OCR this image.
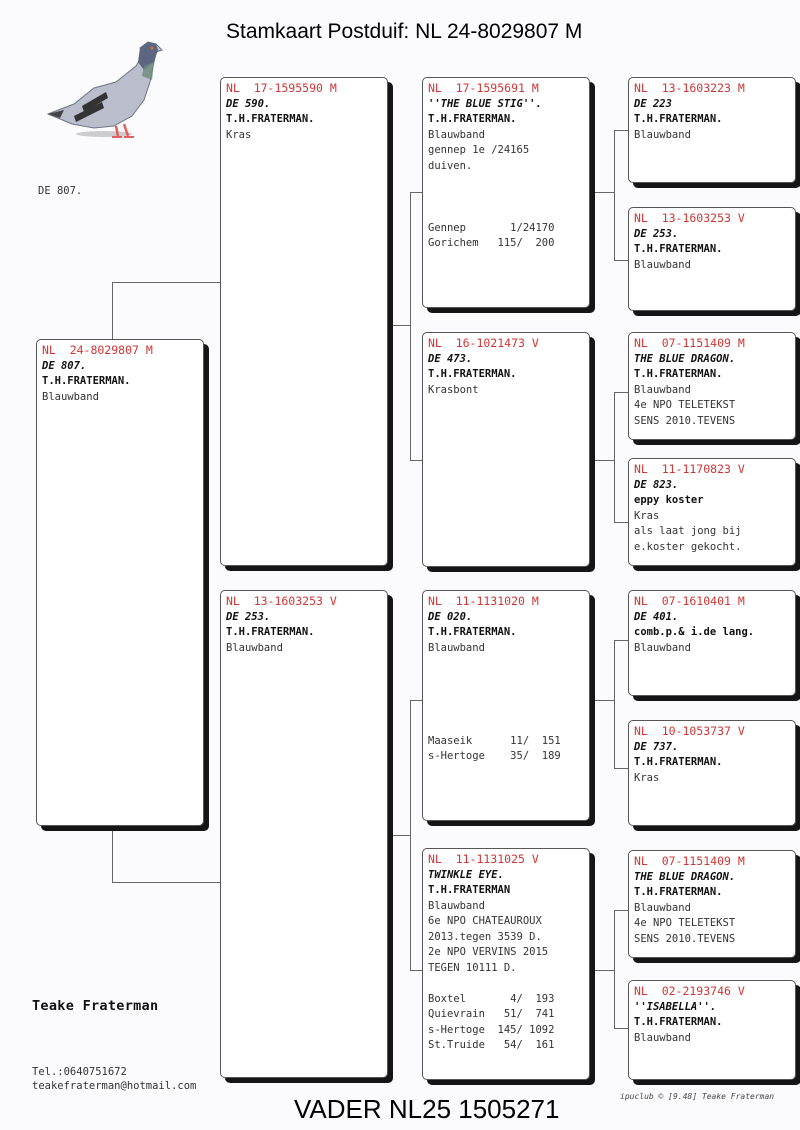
Stamkaart Postduif: NL 24-8029807 M
VADER NL25 1505271	ipuclub © [9.48] Teake Fraterman
DE 807.
Teake Fraterman
Tel.:0640751672
teakefraterman@hotmail.com
NL  24-8029807 M
DE 807.
T.H.FRATERMAN.
Blauwband
NL  17-1595590 M
DE 590.
T.H.FRATERMAN.
Kras
NL  13-1603253 V
DE 253.
T.H.FRATERMAN.
Blauwband
NL  17-1595691 M
''THE BLUE STIG''.
T.H.FRATERMAN.
Blauwband
gennep 1e /24165
duiven.
Gennep       1/24170
Gorichem   115/  200
NL  16-1021473 V
DE 473.
T.H.FRATERMAN.
Krasbont
NL  11-1131020 M
DE 020.
T.H.FRATERMAN.
Blauwband
Maaseik      11/  151
s-Hertoge    35/  189
NL  11-1131025 V
TWINKLE EYE.
T.H.FRATERMAN
Blauwband
6e NPO CHATEAUROUX
2013.tegen 3539 D.
2e NPO VERVINS 2015
TEGEN 10111 D.
Boxtel       4/  193
Quievrain   51/  741
s-Hertoge  145/ 1092
St.Truide   54/  161
NL  13-1603223 M
DE 223
T.H.FRATERMAN.
Blauwband
NL  13-1603253 V
DE 253.
T.H.FRATERMAN.
Blauwband
NL  07-1151409 M
THE BLUE DRAGON.
T.H.FRATERMAN.
Blauwband
4e NPO TELETEKST
SENS 2010.TEVENS
NL  11-1170823 V
DE 823.
eppy koster
Kras
als laat jong bij
e.koster gekocht.
NL  07-1610401 M
DE 401.
comb.p.& i.de lang.
Blauwband
NL  10-1053737 V
DE 737.
T.H.FRATERMAN.
Kras
NL  07-1151409 M
THE BLUE DRAGON.
T.H.FRATERMAN.
Blauwband
4e NPO TELETEKST
SENS 2010.TEVENS
NL  02-2193746 V
''ISABELLA''.
T.H.FRATERMAN.
Blauwband
